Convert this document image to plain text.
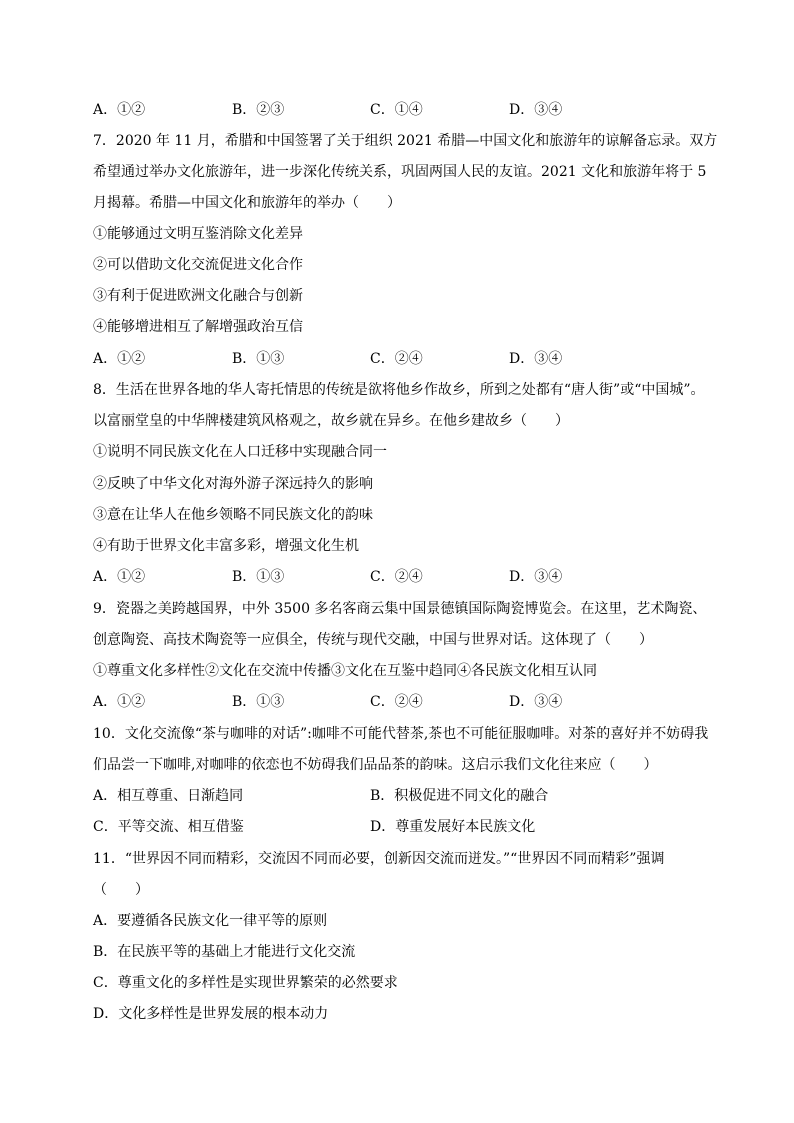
A．①②	B．②③	C．①④	D．③④
7．2020 年 11 月，希腊和中国签署了关于组织 2021 希腊—中国文化和旅游年的谅解备忘录。双方
希望通过举办文化旅游年，进一步深化传统关系，巩固两国人民的友谊。2021 文化和旅游年将于 5
月揭幕。希腊—中国文化和旅游年的举办（　　）
①能够通过文明互鉴消除文化差异
②可以借助文化交流促进文化合作
③有利于促进欧洲文化融合与创新
④能够增进相互了解增强政治互信
A．①②	B．①③	C．②④	D．③④
8．生活在世界各地的华人寄托情思的传统是欲将他乡作故乡，所到之处都有“唐人街”或“中国城”。
以富丽堂皇的中华牌楼建筑风格观之，故乡就在异乡。在他乡建故乡（　　）
①说明不同民族文化在人口迁移中实现融合同一
②反映了中华文化对海外游子深远持久的影响
③意在让华人在他乡领略不同民族文化的韵味
④有助于世界文化丰富多彩，增强文化生机
A．①②	B．①③	C．②④	D．③④
9．瓷器之美跨越国界，中外 3500 多名客商云集中国景德镇国际陶瓷博览会。在这里，艺术陶瓷、
创意陶瓷、高技术陶瓷等一应俱全，传统与现代交融，中国与世界对话。这体现了（　　）
①尊重文化多样性②文化在交流中传播③文化在互鉴中趋同④各民族文化相互认同
A．①②	B．①③	C．②④	D．③④
10．文化交流像“茶与咖啡的对话”:咖啡不可能代替茶,茶也不可能征服咖啡。对茶的喜好并不妨碍我
们品尝一下咖啡,对咖啡的依恋也不妨碍我们品品茶的韵味。这启示我们文化往来应（　　）
A．相互尊重、日渐趋同	B．积极促进不同文化的融合
C．平等交流、相互借鉴	D．尊重发展好本民族文化
11．“世界因不同而精彩，交流因不同而必要，创新因交流而迸发。”“世界因不同而精彩”强调
（　　）
A．要遵循各民族文化一律平等的原则
B．在民族平等的基础上才能进行文化交流
C．尊重文化的多样性是实现世界繁荣的必然要求
D．文化多样性是世界发展的根本动力
